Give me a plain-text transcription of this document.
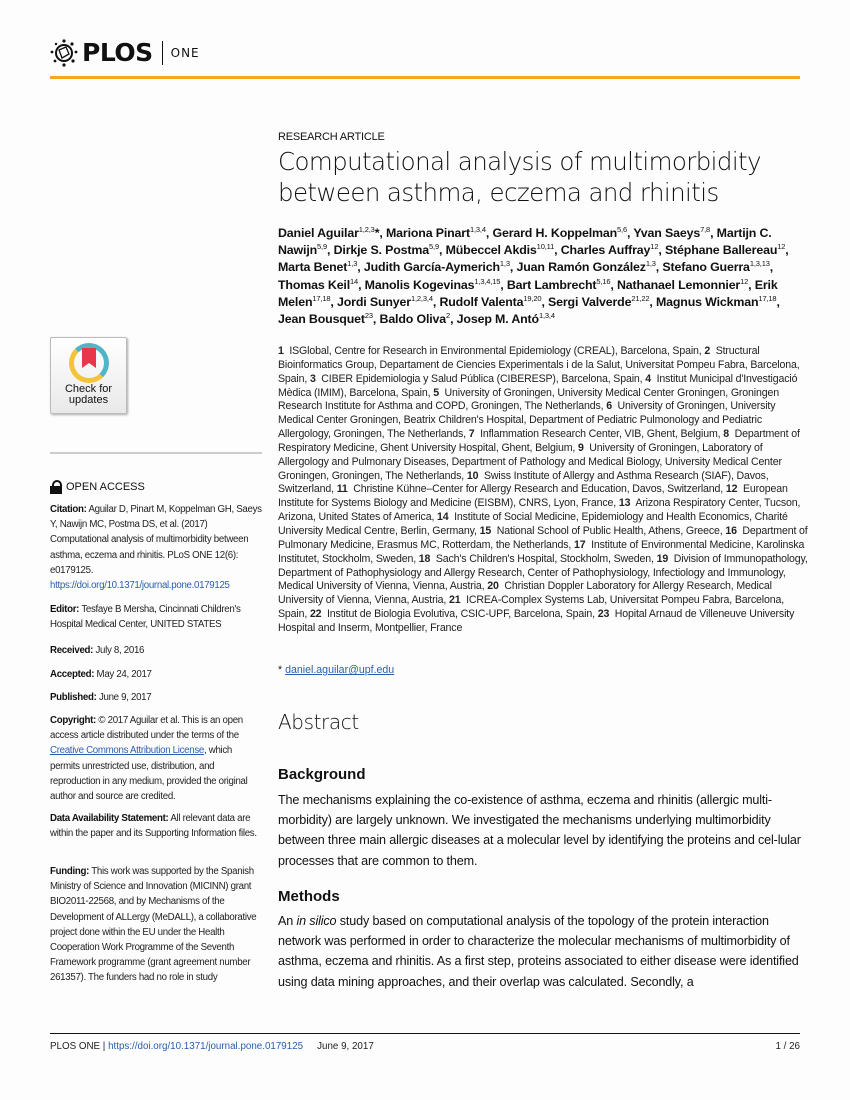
PLOS ONE
Check for
updates
OPEN ACCESS
Citation: Aguilar D, Pinart M, Koppelman GH, Saeys Y, Nawijn MC, Postma DS, et al. (2017) Computational analysis of multimorbidity between asthma, eczema and rhinitis. PLoS ONE 12(6): e0179125. https://doi.org/10.1371/journal.pone.0179125
Editor: Tesfaye B Mersha, Cincinnati Children's Hospital Medical Center, UNITED STATES
Received: July 8, 2016
Accepted: May 24, 2017
Published: June 9, 2017
Copyright: © 2017 Aguilar et al. This is an open access article distributed under the terms of the Creative Commons Attribution License, which permits unrestricted use, distribution, and reproduction in any medium, provided the original author and source are credited.
Data Availability Statement: All relevant data are within the paper and its Supporting Information files.
Funding: This work was supported by the Spanish Ministry of Science and Innovation (MICINN) grant BIO2011-22568, and by Mechanisms of the Development of ALLergy (MeDALL), a collaborative project done within the EU under the Health Cooperation Work Programme of the Seventh Framework programme (grant agreement number 261357). The funders had no role in study
RESEARCH ARTICLE
Computational analysis of multimorbidity between asthma, eczema and rhinitis
Daniel Aguilar$^{1,2,3}$*, Mariona Pinart$^{1,3,4}$, Gerard H. Koppelman$^{5,6}$, Yvan Saeys$^{7,8}$, Martijn C. Nawijn$^{5,9}$, Dirkje S. Postma$^{5,9}$, Mübeccel Akdis$^{10,11}$, Charles Auffray$^{12}$, Stéphane Ballereau$^{12}$, Marta Benet$^{1,3}$, Judith García-Aymerich$^{1,3}$, Juan Ramón González$^{1,3}$, Stefano Guerra$^{1,3,13}$, Thomas Keil$^{14}$, Manolis Kogevinas$^{1,3,4,15}$, Bart Lambrecht$^{5,16}$, Nathanael Lemonnier$^{12}$, Erik Melen$^{17,18}$, Jordi Sunyer$^{1,2,3,4}$, Rudolf Valenta$^{19,20}$, Sergi Valverde$^{21,22}$, Magnus Wickman$^{17,18}$, Jean Bousquet$^{23}$, Baldo Oliva$^2$, Josep M. Antó$^{1,3,4}$
1  ISGlobal, Centre for Research in Environmental Epidemiology (CREAL), Barcelona, Spain, 2  Structural Bioinformatics Group, Departament de Ciencies Experimentals i de la Salut, Universitat Pompeu Fabra, Barcelona, Spain, 3  CIBER Epidemiologia y Salud Pública (CIBERESP), Barcelona, Spain, 4  Institut Municipal d'Investigació Mèdica (IMIM), Barcelona, Spain, 5  University of Groningen, University Medical Center Groningen, Groningen Research Institute for Asthma and COPD, Groningen, The Netherlands, 6  University of Groningen, University Medical Center Groningen, Beatrix Children's Hospital, Department of Pediatric Pulmonology and Pediatric Allergology, Groningen, The Netherlands, 7  Inflammation Research Center, VIB, Ghent, Belgium, 8  Department of Respiratory Medicine, Ghent University Hospital, Ghent, Belgium, 9  University of Groningen, Laboratory of Allergology and Pulmonary Diseases, Department of Pathology and Medical Biology, University Medical Center Groningen, Groningen, The Netherlands, 10  Swiss Institute of Allergy and Asthma Research (SIAF), Davos, Switzerland, 11  Christine Kühne–Center for Allergy Research and Education, Davos, Switzerland, 12  European Institute for Systems Biology and Medicine (EISBM), CNRS, Lyon, France, 13  Arizona Respiratory Center, Tucson, Arizona, United States of America, 14  Institute of Social Medicine, Epidemiology and Health Economics, Charité University Medical Centre, Berlin, Germany, 15  National School of Public Health, Athens, Greece, 16  Department of Pulmonary Medicine, Erasmus MC, Rotterdam, the Netherlands, 17  Institute of Environmental Medicine, Karolinska Institutet, Stockholm, Sweden, 18  Sach's Children's Hospital, Stockholm, Sweden, 19  Division of Immunopathology, Department of Pathophysiology and Allergy Research, Center of Pathophysiology, Infectiology and Immunology, Medical University of Vienna, Vienna, Austria, 20  Christian Doppler Laboratory for Allergy Research, Medical University of Vienna, Vienna, Austria, 21  ICREA-Complex Systems Lab, Universitat Pompeu Fabra, Barcelona, Spain, 22  Institut de Biologia Evolutiva, CSIC-UPF, Barcelona, Spain, 23  Hopital Arnaud de Villeneuve University Hospital and Inserm, Montpellier, France
* daniel.aguilar@upf.edu
Abstract
Background
The mechanisms explaining the co-existence of asthma, eczema and rhinitis (allergic multi-morbidity) are largely unknown. We investigated the mechanisms underlying multimorbidity between three main allergic diseases at a molecular level by identifying the proteins and cel-lular processes that are common to them.
Methods
An in silico study based on computational analysis of the topology of the protein interaction network was performed in order to characterize the molecular mechanisms of multimorbidity of asthma, eczema and rhinitis. As a first step, proteins associated to either disease were identified using data mining approaches, and their overlap was calculated. Secondly, a
PLOS ONE |
https://doi.org/10.1371/journal.pone.0179125 June 9, 2017	1 / 26
